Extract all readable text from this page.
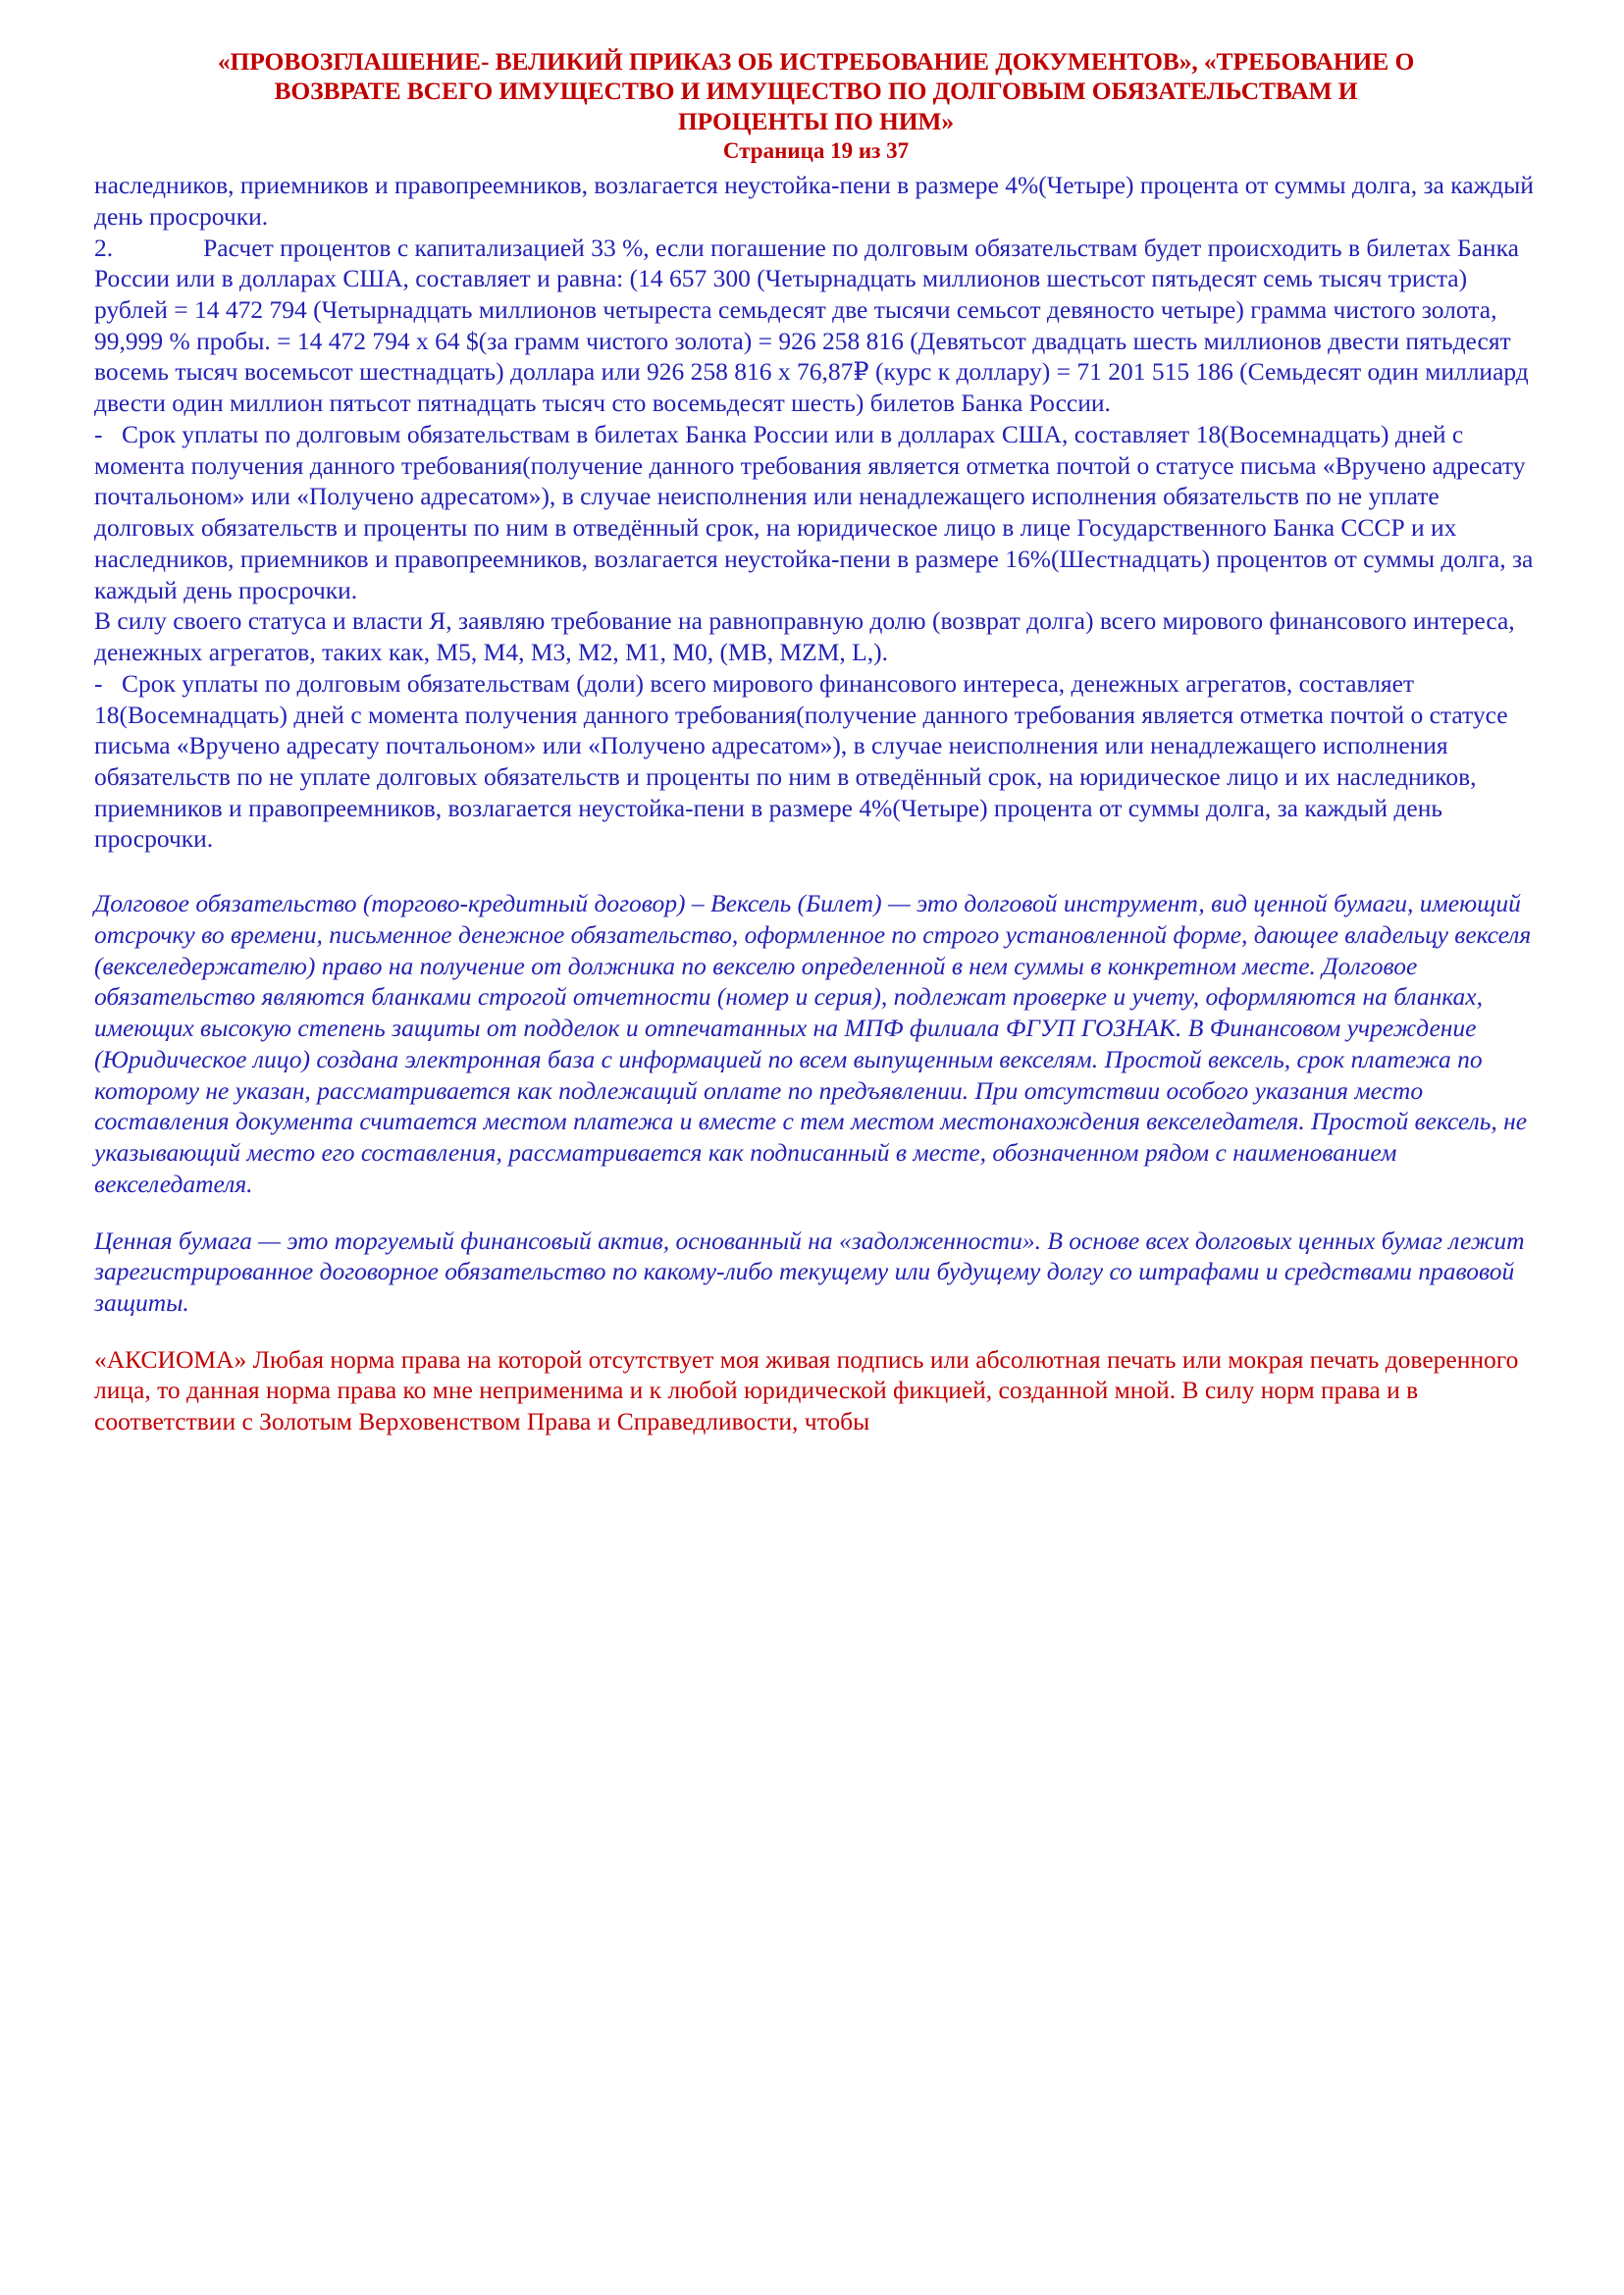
«ПРОВОЗГЛАШЕНИЕ- ВЕЛИКИЙ ПРИКАЗ ОБ ИСТРЕБОВАНИЕ ДОКУМЕНТОВ», «ТРЕБОВАНИЕ О
ВОЗВРАТЕ ВСЕГО ИМУЩЕСТВО И ИМУЩЕСТВО ПО ДОЛГОВЫМ ОБЯЗАТЕЛЬСТВАМ И
ПРОЦЕНТЫ ПО НИМ»
Страница 19 из 37

наследников, приемников и правопреемников, возлагается неустойка-пени в размере 4%(Четыре) процента от суммы долга, за каждый день просрочки.

2.	Расчет процентов с капитализацией 33 %, если погашение по долговым обязательствам будет происходить в билетах Банка России или в долларах США, составляет и равна: (14 657 300 (Четырнадцать миллионов шестьсот пятьдесят семь тысяч триста) рублей = 14 472 794 (Четырнадцать миллионов четыреста семьдесят две тысячи семьсот девяносто четыре) грамма чистого золота, 99,999 % пробы. = 14 472 794 х 64 $(за грамм чистого золота) = 926 258 816 (Девятьсот двадцать шесть миллионов двести пятьдесят восемь тысяч восемьсот шестнадцать) доллара или 926 258 816 х 76,87₽ (курс к доллару) = 71 201 515 186 (Семьдесят один миллиард двести один миллион пятьсот пятнадцать тысяч сто восемьдесят шесть) билетов Банка России.

- Срок уплаты по долговым обязательствам в билетах Банка России или в долларах США, составляет 18(Восемнадцать) дней с момента получения данного требования(получение данного требования является отметка почтой о статусе письма «Вручено адресату почтальоном» или «Получено адресатом»), в случае неисполнения или ненадлежащего исполнения обязательств по не уплате долговых обязательств и проценты по ним в отведённый срок, на юридическое лицо в лице Государственного Банка СССР и их наследников, приемников и правопреемников, возлагается неустойка-пени в размере 16%(Шестнадцать) процентов от суммы долга, за каждый день просрочки.

В силу своего статуса и власти Я, заявляю требование на равноправную долю (возврат долга) всего мирового финансового интереса, денежных агрегатов, таких как, М5, М4, М3, М2, М1, М0, (МВ, MZM, L,).

- Срок уплаты по долговым обязательствам (доли) всего мирового финансового интереса, денежных агрегатов, составляет 18(Восемнадцать) дней с момента получения данного требования(получение данного требования является отметка почтой о статусе письма «Вручено адресату почтальоном» или «Получено адресатом»), в случае неисполнения или ненадлежащего исполнения обязательств по не уплате долговых обязательств и проценты по ним в отведённый срок, на юридическое лицо и их наследников, приемников и правопреемников, возлагается неустойка-пени в размере 4%(Четыре) процента от суммы долга, за каждый день просрочки.

Долговое обязательство (торгово-кредитный договор) – Вексель (Билет) — это долговой инструмент, вид ценной бумаги, имеющий отсрочку во времени, письменное денежное обязательство, оформленное по строго установленной форме, дающее владельцу векселя (векселедержателю) право на получение от должника по векселю определенной в нем суммы в конкретном месте. Долговое обязательство являются бланками строгой отчетности (номер и серия), подлежат проверке и учету, оформляются на бланках, имеющих высокую степень защиты от подделок и отпечатанных на МПФ филиала ФГУП ГОЗНАК. В Финансовом учреждение (Юридическое лицо) создана электронная база с информацией по всем выпущенным векселям. Простой вексель, срок платежа по которому не указан, рассматривается как подлежащий оплате по предъявлении. При отсутствии особого указания место составления документа считается местом платежа и вместе с тем местом местонахождения векселедателя. Простой вексель, не указывающий место его составления, рассматривается как подписанный в месте, обозначенном рядом с наименованием векселедателя.

Ценная бумага — это торгуемый финансовый актив, основанный на «задолженности». В основе всех долговых ценных бумаг лежит зарегистрированное договорное обязательство по какому-либо текущему или будущему долгу со штрафами и средствами правовой защиты.

«АКСИОМА» Любая норма права на которой отсутствует моя живая подпись или абсолютная печать или мокрая печать доверенного лица, то данная норма права ко мне неприменима и к любой юридической фикцией, созданной мной. В силу норм права и в соответствии с Золотым Верховенством Права и Справедливости, чтобы
